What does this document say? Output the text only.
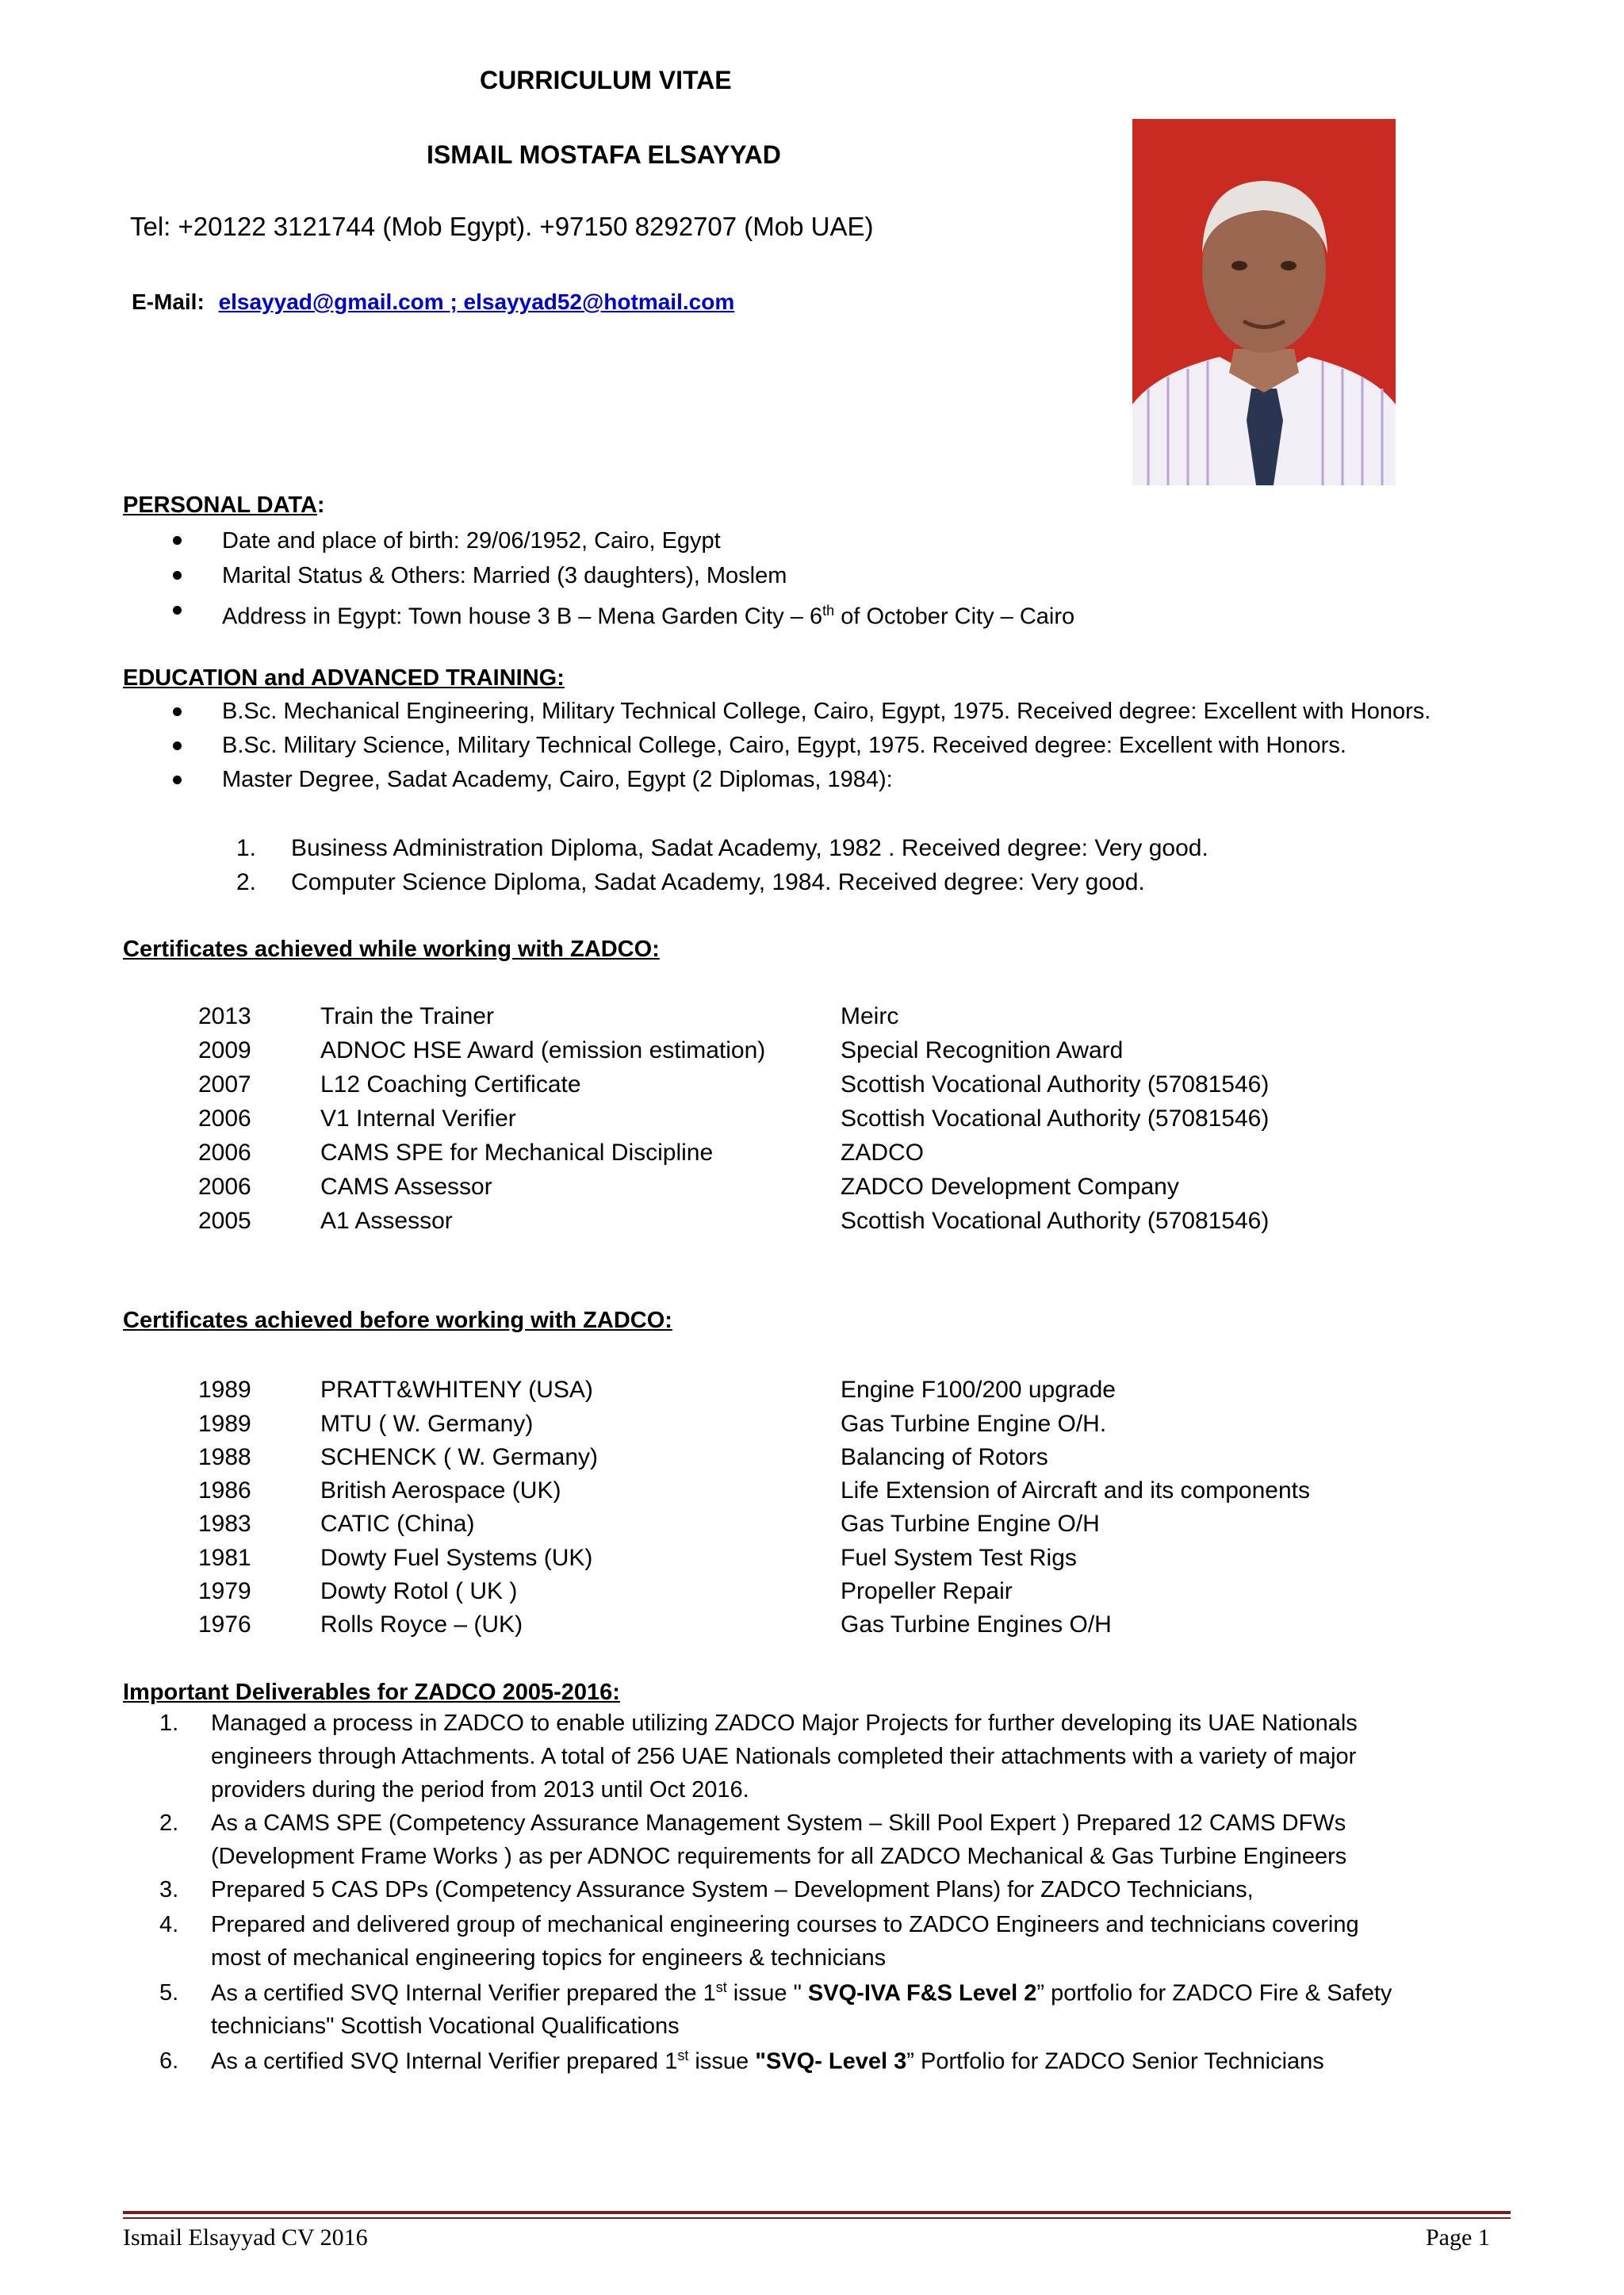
CURRICULUM VITAE
ISMAIL MOSTAFA ELSAYYAD
Tel: +20122 3121744 (Mob Egypt). +97150 8292707 (Mob UAE)
E-Mail: elsayyad@gmail.com ; elsayyad52@hotmail.com
PERSONAL DATA:
Date and place of birth: 29/06/1952, Cairo, Egypt
Marital Status & Others: Married (3 daughters), Moslem
Address in Egypt: Town house 3 B – Mena Garden City – 6th of October City – Cairo
EDUCATION and ADVANCED TRAINING:
B.Sc. Mechanical Engineering, Military Technical College, Cairo, Egypt, 1975. Received degree: Excellent with Honors.
B.Sc. Military Science, Military Technical College, Cairo, Egypt, 1975. Received degree: Excellent with Honors.
Master Degree, Sadat Academy, Cairo, Egypt (2 Diplomas, 1984):
1. Business Administration Diploma, Sadat Academy, 1982 . Received degree: Very good.
2. Computer Science Diploma, Sadat Academy, 1984. Received degree: Very good.
Certificates achieved while working with ZADCO:
2013	Train the Trainer	Meirc
2009	ADNOC HSE Award (emission estimation)	Special Recognition Award
2007	L12 Coaching Certificate	Scottish Vocational Authority (57081546)
2006	V1 Internal Verifier	Scottish Vocational Authority (57081546)
2006	CAMS SPE for Mechanical Discipline	ZADCO
2006	CAMS Assessor	ZADCO Development Company
2005	A1 Assessor	Scottish Vocational Authority (57081546)
Certificates achieved before working with ZADCO:
1989	PRATT&WHITENY (USA)	Engine F100/200 upgrade
1989	MTU ( W. Germany)	Gas Turbine Engine O/H.
1988	SCHENCK ( W. Germany)	Balancing of Rotors
1986	British Aerospace (UK)	Life Extension of Aircraft and its components
1983	CATIC (China)	Gas Turbine Engine O/H
1981	Dowty Fuel Systems (UK)	Fuel System Test Rigs
1979	Dowty Rotol ( UK )	Propeller Repair
1976	Rolls Royce – (UK)	Gas Turbine Engines O/H
Important Deliverables for ZADCO 2005-2016:
1. Managed a process in ZADCO to enable utilizing ZADCO Major Projects for further developing its UAE Nationals
engineers through Attachments. A total of 256 UAE Nationals completed their attachments with a variety of major
providers during the period from 2013 until Oct 2016.
2. As a CAMS SPE (Competency Assurance Management System – Skill Pool Expert ) Prepared 12 CAMS DFWs
(Development Frame Works ) as per ADNOC requirements for all ZADCO Mechanical & Gas Turbine Engineers
3. Prepared 5 CAS DPs (Competency Assurance System – Development Plans) for ZADCO Technicians,
4. Prepared and delivered group of mechanical engineering courses to ZADCO Engineers and technicians covering
most of mechanical engineering topics for engineers & technicians
5. As a certified SVQ Internal Verifier prepared the 1st issue " SVQ-IVA F&S Level 2” portfolio for ZADCO Fire & Safety
technicians" Scottish Vocational Qualifications
6. As a certified SVQ Internal Verifier prepared 1st issue "SVQ- Level 3” Portfolio for ZADCO Senior Technicians
Ismail Elsayyad CV 2016	Page 1
